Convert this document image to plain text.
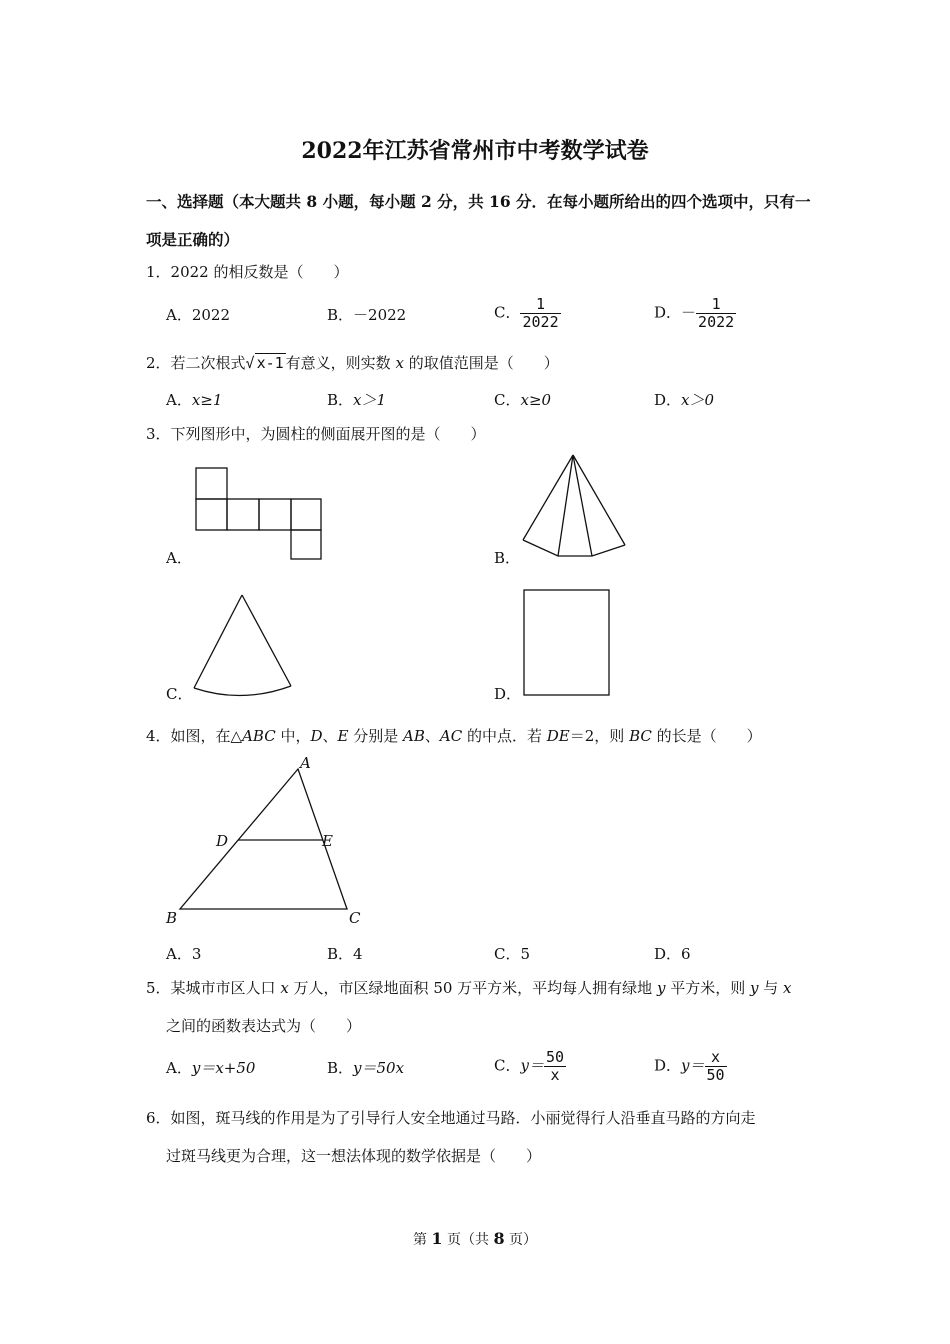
2022年江苏省常州市中考数学试卷
一、选择题（本大题共 8 小题，每小题 2 分，共 16 分．在每小题所给出的四个选项中，只有一
项是正确的）
1．2022 的相反数是（　　）
A．2022	B．－2022	C． $\frac{1}{2022}$	D．－ $\frac{1}{2022}$
2．若二次根式√ x-1 有意义，则实数 x 的取值范围是（　　）
A．x≥1	B．x＞1	C．x≥0	D．x＞0
3．下列图形中，为圆柱的侧面展开图的是（　　）
A．	B．
C．	D．
4．如图，在△ABC 中，D、E 分别是 AB、AC 的中点．若 DE＝2，则 BC 的长是（　　）
A
D	E
B	C
A．3	B．4	C．5	D．6
5．某城市市区人口 x 万人，市区绿地面积 50 万平方米，平均每人拥有绿地 y 平方米，则 y 与 x
之间的函数表达式为（　　）
A．y＝x+50	B．y＝50x	C．$y= \frac{50}{x}$	D．$y= \frac{x}{50}$
6．如图，斑马线的作用是为了引导行人安全地通过马路．小丽觉得行人沿垂直马路的方向走
过斑马线更为合理，这一想法体现的数学依据是（　　）
第 1 页（共 8 页）
